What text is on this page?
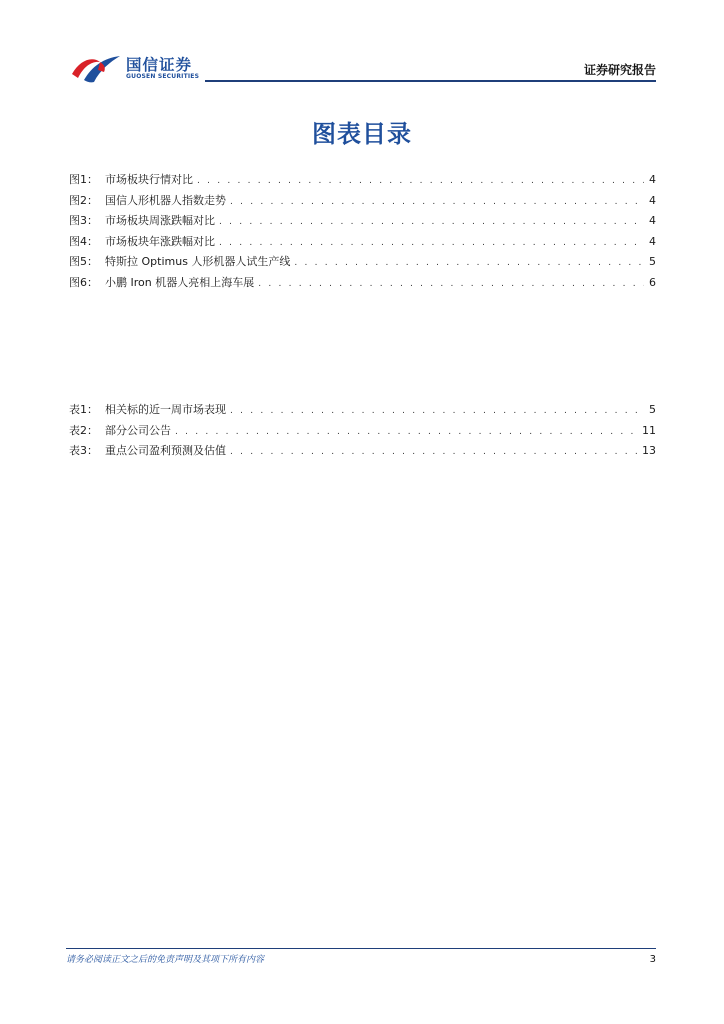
国信证券
GUOSEN SECURITIES	证券研究报告
图表目录
图1： 市场板块行情对比 . . .	4
图2： 国信人形机器人指数走势 . . .	4
图3： 市场板块周涨跌幅对比 . . .	4
图4： 市场板块年涨跌幅对比 . . .	4
图5： 特斯拉 Optimus 人形机器人试生产线 . . .	5
图6： 小鹏 Iron 机器人亮相上海车展 . . .	6
表1： 相关标的近一周市场表现 . . .	5
表2： 部分公司公告 . . .	11
表3： 重点公司盈利预测及估值 . . .	13
请务必阅读正文之后的免责声明及其项下所有内容	3
